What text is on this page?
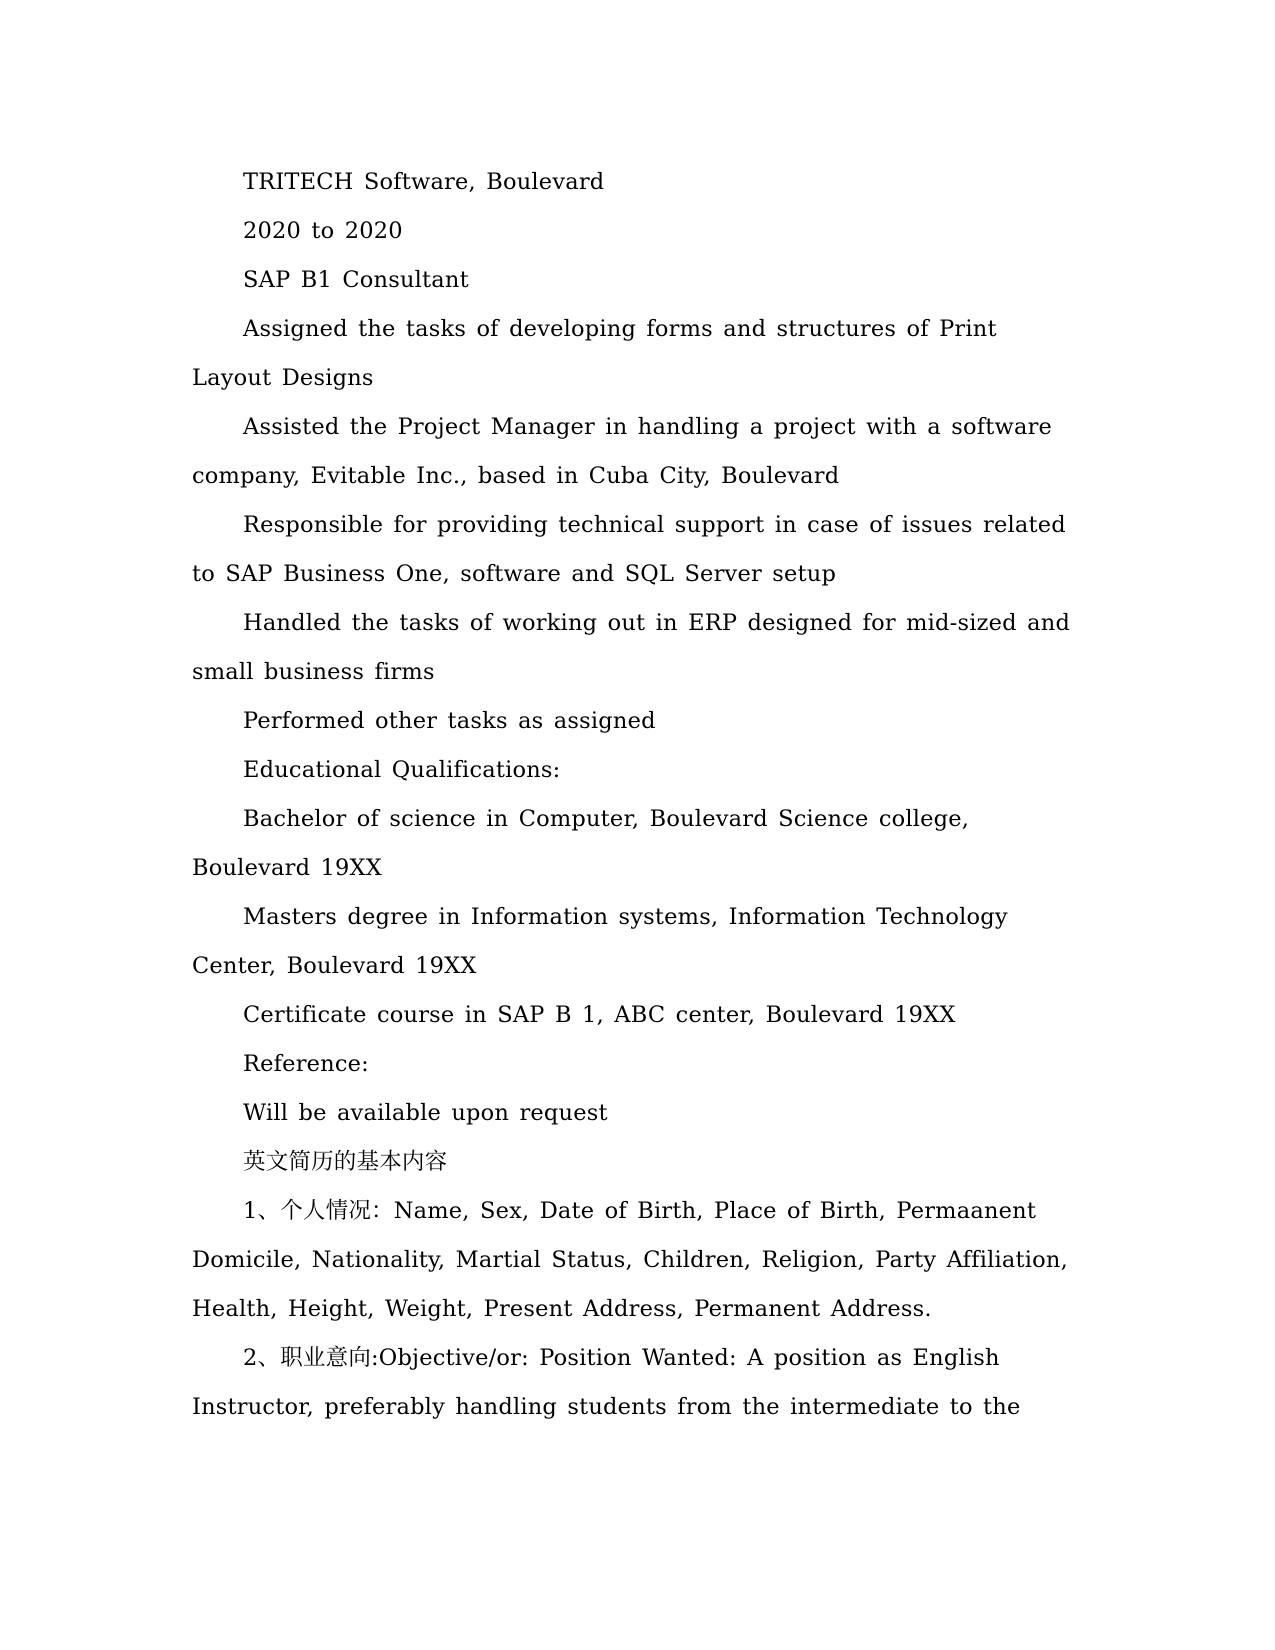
TRITECH Software, Boulevard

2020 to 2020

SAP B1 Consultant

Assigned the tasks of developing forms and structures of Print Layout Designs

Assisted the Project Manager in handling a project with a software company, Evitable Inc., based in Cuba City, Boulevard

Responsible for providing technical support in case of issues related to SAP Business One, software and SQL Server setup

Handled the tasks of working out in ERP designed for mid-sized and small business firms

Performed other tasks as assigned

Educational Qualifications:

Bachelor of science in Computer, Boulevard Science college, Boulevard 19XX

Masters degree in Information systems, Information Technology Center, Boulevard 19XX

Certificate course in SAP B 1, ABC center, Boulevard 19XX

Reference:

Will be available upon request

英文简历的基本内容

1、个人情况：Name, Sex, Date of Birth, Place of Birth, Permaanent Domicile, Nationality, Martial Status, Children, Religion, Party Affiliation, Health, Height, Weight, Present Address, Permanent Address.

2、职业意向:Objective/or: Position Wanted: A position as English Instructor, preferably handling students from the intermediate to the
